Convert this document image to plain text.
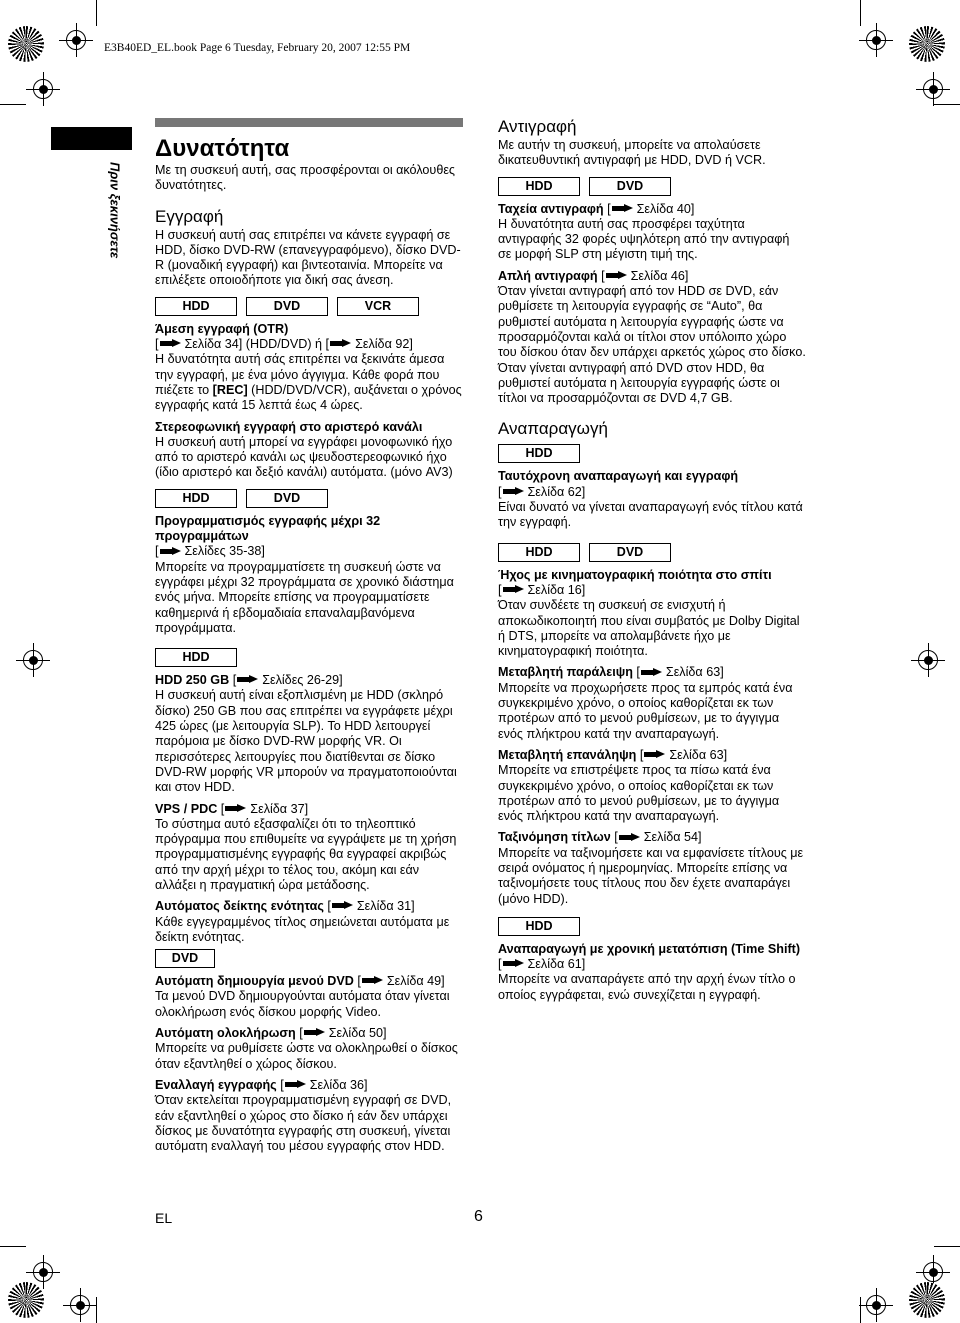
E3B40ED_EL.book Page 6 Tuesday, February 20, 2007 12:55 PM
Πριν ξεκινήσετε

Δυνατότητα

Με τη συσκευή αυτή, σας προσφέρονται οι ακόλουθες δυνατότητες.

Εγγραφή

Η συσκευή αυτή σας επιτρέπει να κάνετε εγγραφή σε HDD, δίσκο DVD-RW (επανεγγραφόμενο), δίσκο DVD-R (μοναδική εγγραφή) και βιντεοταινία. Μπορείτε να επιλέξετε οποιοδήποτε για δική σας άνεση.

HDD	DVD	VCR

Άμεση εγγραφή (OTR)

[ Σελίδα 34] (HDD/DVD) ή [ Σελίδα 92]

Η δυνατότητα αυτή σάς επιτρέπει να ξεκινάτε άμεσα την εγγραφή, με ένα μόνο άγγιγμα. Κάθε φορά που πιέζετε το [REC] (HDD/DVD/VCR), αυξάνεται ο χρόνος εγγραφής κατά 15 λεπτά έως 4 ώρες.

Στερεοφωνική εγγραφή στο αριστερό κανάλι

Η συσκευή αυτή μπορεί να εγγράφει μονοφωνικό ήχο από το αριστερό κανάλι ως ψευδοστερεοφωνικό ήχο (ίδιο αριστερό και δεξιό κανάλι) αυτόματα. (μόνο AV3)

HDD	DVD

Προγραμματισμός εγγραφής μέχρι 32 προγραμμάτων

[ Σελίδες 35-38]

Μπορείτε να προγραμματίσετε τη συσκευή ώστε να εγγράφει μέχρι 32 προγράμματα σε χρονικό διάστημα ενός μήνα. Μπορείτε επίσης να προγραμματίσετε καθημερινά ή εβδομαδιαία επαναλαμβανόμενα προγράμματα.

HDD

HDD 250 GB [ Σελίδες 26-29]

Η συσκευή αυτή είναι εξοπλισμένη με HDD (σκληρό δίσκο) 250 GB που σας επιτρέπει να εγγράφετε μέχρι 425 ώρες (με λειτουργία SLP). Το HDD λειτουργεί παρόμοια με δίσκο DVD-RW μορφής VR. Οι περισσότερες λειτουργίες που διατίθενται σε δίσκο DVD-RW μορφής VR μπορούν να πραγματοποιούνται και στον HDD.

VPS / PDC [ Σελίδα 37]

Το σύστημα αυτό εξασφαλίζει ότι το τηλεοπτικό πρόγραμμα που επιθυμείτε να εγγράψετε με τη χρήση προγραμματισμένης εγγραφής θα εγγραφεί ακριβώς από την αρχή μέχρι το τέλος του, ακόμη και εάν αλλάξει η πραγματική ώρα μετάδοσης.

Αυτόματος δείκτης ενότητας [ Σελίδα 31]

Κάθε εγγεγραμμένος τίτλος σημειώνεται αυτόματα με δείκτη ενότητας.

DVD

Αυτόματη δημιουργία μενού DVD [ Σελίδα 49]

Τα μενού DVD δημιουργούνται αυτόματα όταν γίνεται ολοκλήρωση ενός δίσκου μορφής Video.

Αυτόματη ολοκλήρωση [ Σελίδα 50]

Μπορείτε να ρυθμίσετε ώστε να ολοκληρωθεί ο δίσκος όταν εξαντληθεί ο χώρος δίσκου.

Εναλλαγή εγγραφής [ Σελίδα 36]

Όταν εκτελείται προγραμματισμένη εγγραφή σε DVD, εάν εξαντληθεί ο χώρος στο δίσκο ή εάν δεν υπάρχει δίσκος με δυνατότητα εγγραφής στη συσκευή, γίνεται αυτόματη εναλλαγή του μέσου εγγραφής στον HDD.

Αντιγραφή

Με αυτήν τη συσκευή, μπορείτε να απολαύσετε δικατευθυντική αντιγραφή με HDD, DVD ή VCR.

HDD	DVD

Ταχεία αντιγραφή [ Σελίδα 40]

Η δυνατότητα αυτή σας προσφέρει ταχύτητα αντιγραφής 32 φορές υψηλότερη από την αντιγραφή σε μορφή SLP στη μέγιστη τιμή της.

Απλή αντιγραφή [ Σελίδα 46]

Όταν γίνεται αντιγραφή από τον HDD σε DVD, εάν ρυθμίσετε τη λειτουργία εγγραφής σε “Auto”, θα ρυθμιστεί αυτόματα η λειτουργία εγγραφής ώστε να προσαρμόζονται καλά οι τίτλοι στον υπόλοιπο χώρο του δίσκου όταν δεν υπάρχει αρκετός χώρος στο δίσκο. Όταν γίνεται αντιγραφή από DVD στον HDD, θα ρυθμιστεί αυτόματα η λειτουργία εγγραφής ώστε οι τίτλοι να προσαρμόζονται σε DVD 4,7 GB.

Αναπαραγωγή

HDD

Ταυτόχρονη αναπαραγωγή και εγγραφή

[ Σελίδα 62]

Είναι δυνατό να γίνεται αναπαραγωγή ενός τίτλου κατά την εγγραφή.

HDD	DVD

Ήχος με κινηματογραφική ποιότητα στο σπίτι

[ Σελίδα 16]

Όταν συνδέετε τη συσκευή σε ενισχυτή ή αποκωδικοποιητή που είναι συμβατός με Dolby Digital ή DTS, μπορείτε να απολαμβάνετε ήχο με κινηματογραφική ποιότητα.

Μεταβλητή παράλειψη [ Σελίδα 63]

Μπορείτε να προχωρήσετε προς τα εμπρός κατά ένα συγκεκριμένο χρόνο, ο οποίος καθορίζεται εκ των προτέρων από το μενού ρυθμίσεων, με το άγγιγμα ενός πλήκτρου κατά την αναπαραγωγή.

Μεταβλητή επανάληψη [ Σελίδα 63]

Μπορείτε να επιστρέψετε προς τα πίσω κατά ένα συγκεκριμένο χρόνο, ο οποίος καθορίζεται εκ των προτέρων από το μενού ρυθμίσεων, με το άγγιγμα ενός πλήκτρου κατά την αναπαραγωγή.

Ταξινόμηση τίτλων [ Σελίδα 54]

Μπορείτε να ταξινομήσετε και να εμφανίσετε τίτλους με σειρά ονόματος ή ημερομηνίας. Μπορείτε επίσης να ταξινομήσετε τους τίτλους που δεν έχετε αναπαράγει (μόνο HDD).

HDD

Αναπαραγωγή με χρονική μετατόπιση (Time Shift) [ Σελίδα 61]

Μπορείτε να αναπαράγετε από την αρχή ένων τίτλο ο οποίος εγγράφεται, ενώ συνεχίζεται η εγγραφή.

EL	6
